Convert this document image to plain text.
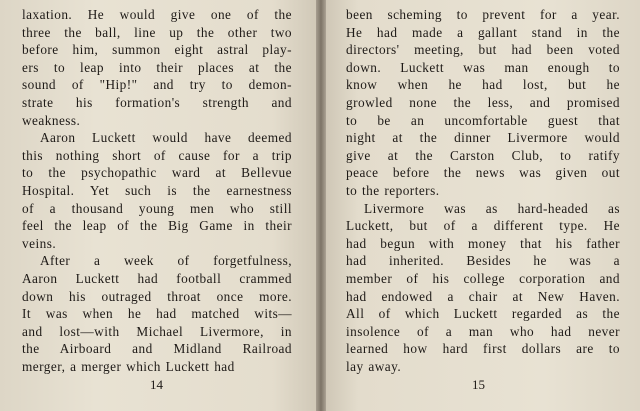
laxation. He would give one of the
three the ball, line up the other two
before him, summon eight astral play-
ers to leap into their places at the
sound of "Hip!" and try to demon-
strate his formation's strength and
weakness.
Aaron Luckett would have deemed
this nothing short of cause for a trip
to the psychopathic ward at Bellevue
Hospital. Yet such is the earnestness
of a thousand young men who still
feel the leap of the Big Game in their
veins.
After a week of forgetfulness,
Aaron Luckett had football crammed
down his outraged throat once more.
It was when he had matched wits—
and lost—with Michael Livermore, in
the Airboard and Midland Railroad
merger, a merger which Luckett had
14
been scheming to prevent for a year.
He had made a gallant stand in the
directors' meeting, but had been voted
down. Luckett was man enough to
know when he had lost, but he
growled none the less, and promised
to be an uncomfortable guest that
night at the dinner Livermore would
give at the Carston Club, to ratify
peace before the news was given out
to the reporters.
Livermore was as hard-headed as
Luckett, but of a different type. He
had begun with money that his father
had inherited. Besides he was a
member of his college corporation and
had endowed a chair at New Haven.
All of which Luckett regarded as the
insolence of a man who had never
learned how hard first dollars are to
lay away.
15
